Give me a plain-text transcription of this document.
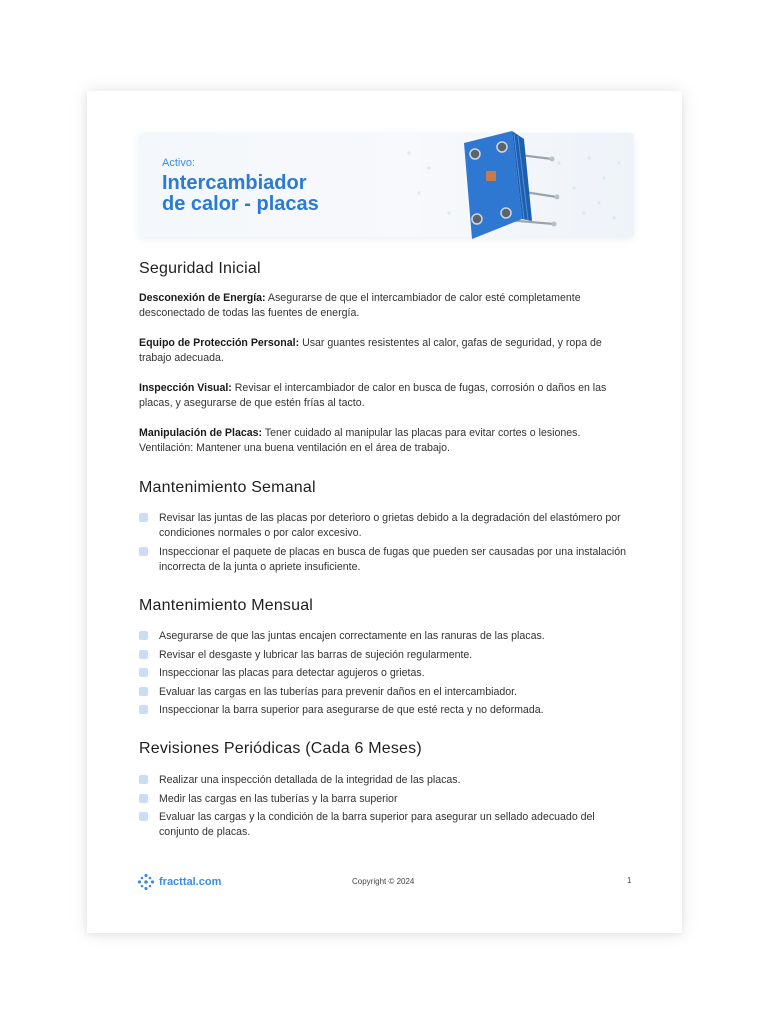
Activo:
Intercambiador
de calor - placas
Seguridad Inicial

Desconexión de Energía: Asegurarse de que el intercambiador de calor esté completamente desconectado de todas las fuentes de energía.

Equipo de Protección Personal: Usar guantes resistentes al calor, gafas de seguridad, y ropa de trabajo adecuada.

Inspección Visual: Revisar el intercambiador de calor en busca de fugas, corrosión o daños en las placas, y asegurarse de que estén frías al tacto.

Manipulación de Placas: Tener cuidado al manipular las placas para evitar cortes o lesiones.
Ventilación: Mantener una buena ventilación en el área de trabajo.

Mantenimiento Semanal
Revisar las juntas de las placas por deterioro o grietas debido a la degradación del elastómero por condiciones normales o por calor excesivo.
Inspeccionar el paquete de placas en busca de fugas que pueden ser causadas por una instalación incorrecta de la junta o apriete insuficiente.
Mantenimiento Mensual
Asegurarse de que las juntas encajen correctamente en las ranuras de las placas.
Revisar el desgaste y lubricar las barras de sujeción regularmente.
Inspeccionar las placas para detectar agujeros o grietas.
Evaluar las cargas en las tuberías para prevenir daños en el intercambiador.
Inspeccionar la barra superior para asegurarse de que esté recta y no deformada.
Revisiones Periódicas (Cada 6 Meses)
Realizar una inspección detallada de la integridad de las placas.
Medir las cargas en las tuberías y la barra superior
Evaluar las cargas y la condición de la barra superior para asegurar un sellado adecuado del conjunto de placas.
fracttal.com	Copyright © 2024	1
